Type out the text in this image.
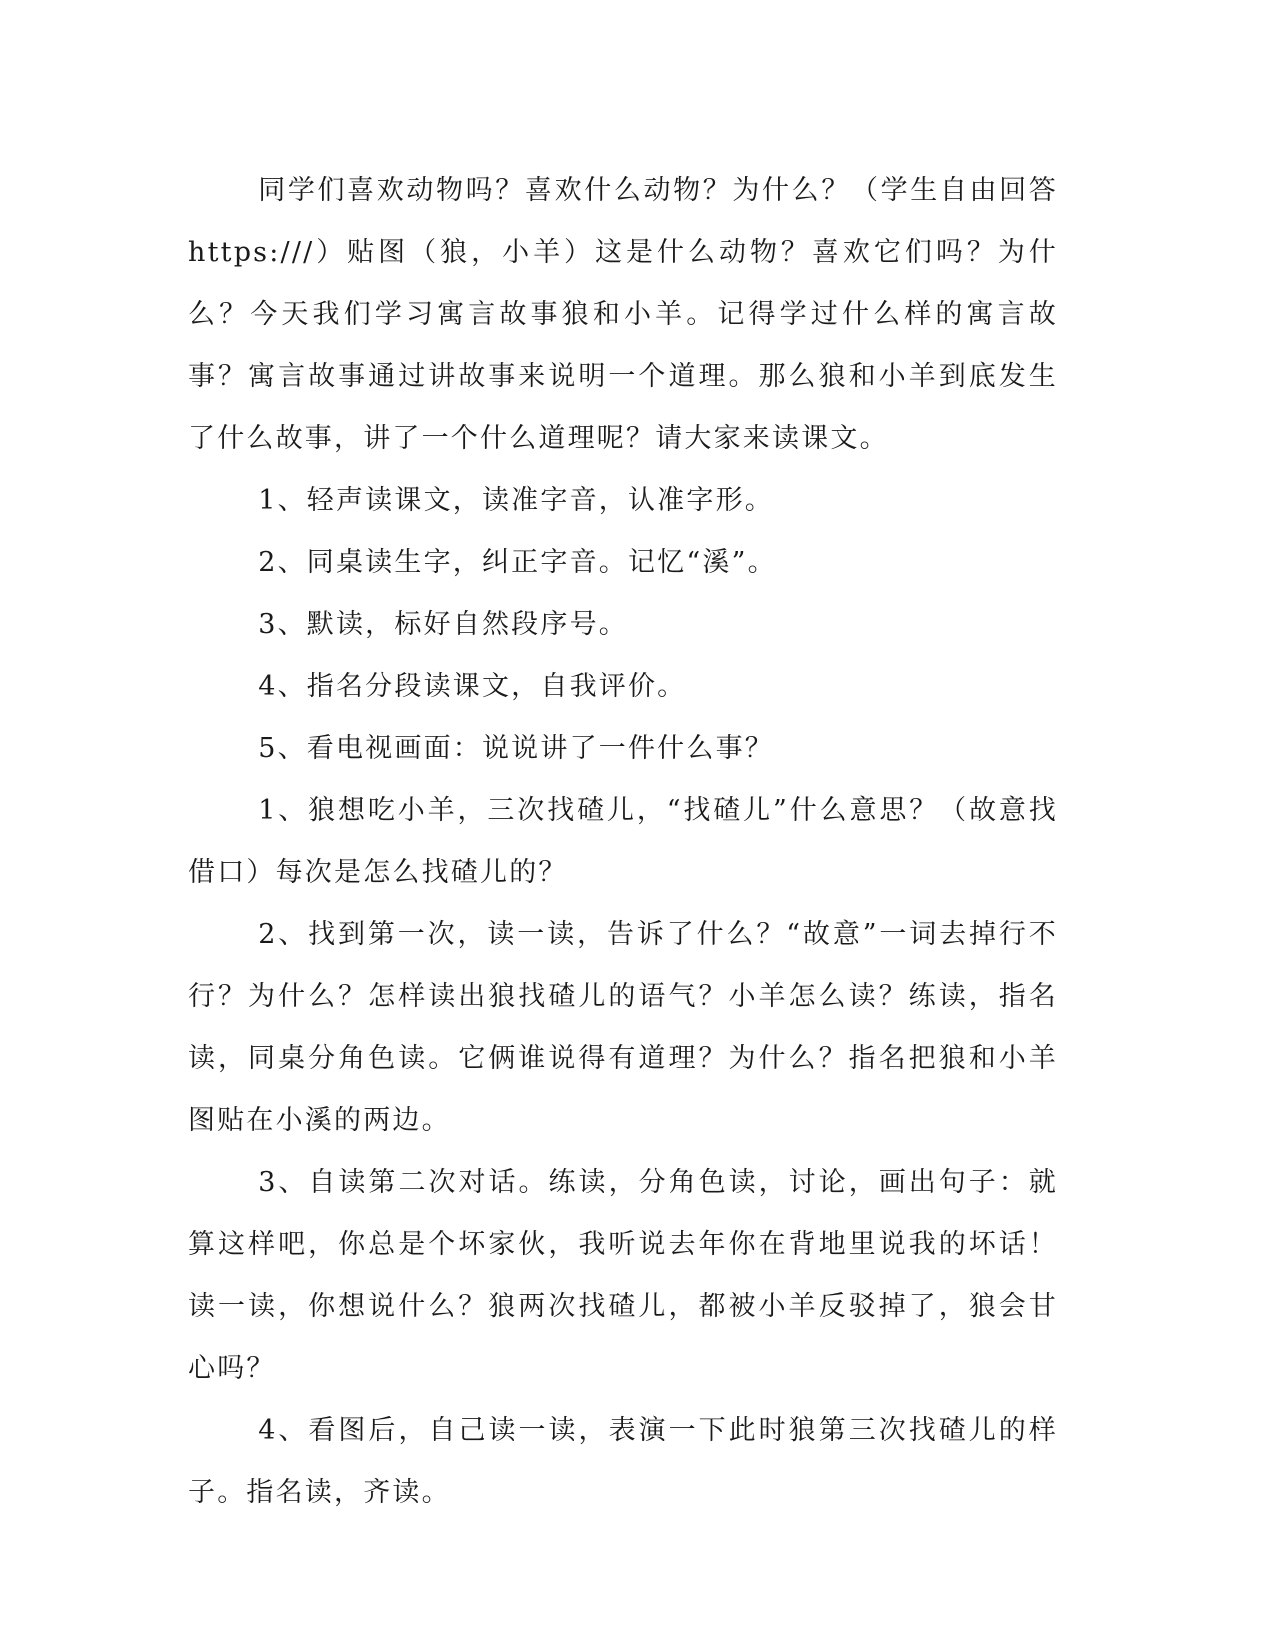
同学们喜欢动物吗？喜欢什么动物？为什么？（学生自由回答https:///）贴图（狼，小羊）这是什么动物？喜欢它们吗？为什么？今天我们学习寓言故事狼和小羊。记得学过什么样的寓言故事？寓言故事通过讲故事来说明一个道理。那么狼和小羊到底发生了什么故事，讲了一个什么道理呢？请大家来读课文。

1、轻声读课文，读准字音，认准字形。

2、同桌读生字，纠正字音。记忆“溪”。

3、默读，标好自然段序号。

4、指名分段读课文，自我评价。

5、看电视画面：说说讲了一件什么事？

1、狼想吃小羊，三次找碴儿，“找碴儿”什么意思？（故意找借口）每次是怎么找碴儿的？

2、找到第一次，读一读，告诉了什么？“故意”一词去掉行不行？为什么？怎样读出狼找碴儿的语气？小羊怎么读？练读，指名读，同桌分角色读。它俩谁说得有道理？为什么？指名把狼和小羊图贴在小溪的两边。

3、自读第二次对话。练读，分角色读，讨论，画出句子：就算这样吧，你总是个坏家伙，我听说去年你在背地里说我的坏话！读一读，你想说什么？狼两次找碴儿，都被小羊反驳掉了，狼会甘心吗？

4、看图后，自己读一读，表演一下此时狼第三次找碴儿的样子。指名读，齐读。
